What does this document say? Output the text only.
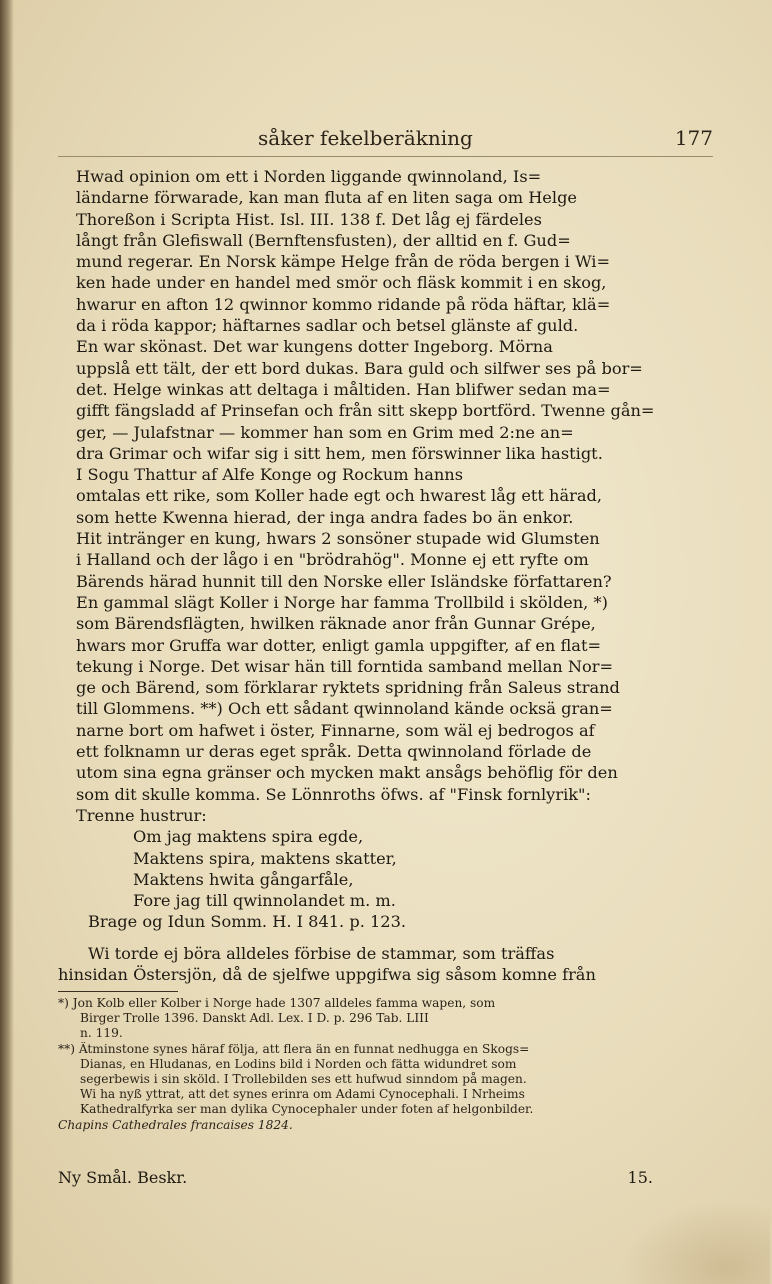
såker fekelberäkning	177
Hwad opinion om ett i Norden liggande qwinnoland, Is=
ländarne förwarade, kan man fluta af en liten saga om Helge
Thoreßon i Scripta Hist. Isl. III. 138 f. Det låg ej färdeles
långt från Glefiswall (Bernftensfusten), der alltid en f. Gud=
mund regerar. En Norsk kämpe Helge från de röda bergen i Wi=
ken hade under en handel med smör och fläsk kommit i en skog,
hwarur en afton 12 qwinnor kommo ridande på röda häftar, klä=
da i röda kappor; häftarnes sadlar och betsel glänste af guld.
En war skönast. Det war kungens dotter Ingeborg. Mörna
uppslå ett tält, der ett bord dukas. Bara guld och silfwer ses på bor=
det. Helge winkas att deltaga i måltiden. Han blifwer sedan ma=
gifft fängsladd af Prinsefan och från sitt skepp bortförd. Twenne gån=
ger, — Julafstnar — kommer han som en Grim med 2:ne an=
dra Grimar och wifar sig i sitt hem, men förswinner lika hastigt.
I Sogu Thattur af Alfe Konge og Rockum hanns
omtalas ett rike, som Koller hade egt och hwarest låg ett härad,
som hette Kwenna hierad, der inga andra fades bo än enkor.
Hit intränger en kung, hwars 2 sonsöner stupade wid Glumsten
i Halland och der lågo i en "brödrahög". Monne ej ett ryfte om
Bärends härad hunnit till den Norske eller Isländske författaren?
En gammal slägt Koller i Norge har famma Trollbild i skölden, *)
som Bärendsflägten, hwilken räknade anor från Gunnar Grépe,
hwars mor Gruffa war dotter, enligt gamla uppgifter, af en flat=
tekung i Norge. Det wisar hän till forntida samband mellan Nor=
ge och Bärend, som förklarar ryktets spridning från Saleus strand
till Glommens. **) Och ett sådant qwinnoland kände ocksä gran=
narne bort om hafwet i öster, Finnarne, som wäl ej bedrogos af
ett folknamn ur deras eget språk. Detta qwinnoland förlade de
utom sina egna gränser och mycken makt ansågs behöflig för den
som dit skulle komma. Se Lönnroths öfws. af "Finsk fornlyrik":
Trenne hustrur:
Om jag maktens spira egde,
Maktens spira, maktens skatter,
Maktens hwita gångarfåle,
Fore jag till qwinnolandet m. m.
Brage og Idun Somm. H. I 841. p. 123.
Wi torde ej böra alldeles förbise de stammar, som träffas
hinsidan Östersjön, då de sjelfwe uppgifwa sig såsom komne från
*) Jon Kolb eller Kolber i Norge hade 1307 alldeles famma wapen, som
Birger Trolle 1396. Danskt Adl. Lex. I D. p. 296 Tab. LIII
n. 119.
**) Ätminstone synes häraf följa, att flera än en funnat nedhugga en Skogs=
Dianas, en Hludanas, en Lodins bild i Norden och fätta widundret som
segerbewis i sin sköld. I Trollebilden ses ett hufwud sinndom på magen.
Wi ha nyß yttrat, att det synes erinra om Adami Cynocephali. I Nrheims
Kathedralfyrka ser man dylika Cynocephaler under foten af helgonbilder.
Chapins Cathedrales francaises 1824.
Ny Smål. Beskr.	15.
